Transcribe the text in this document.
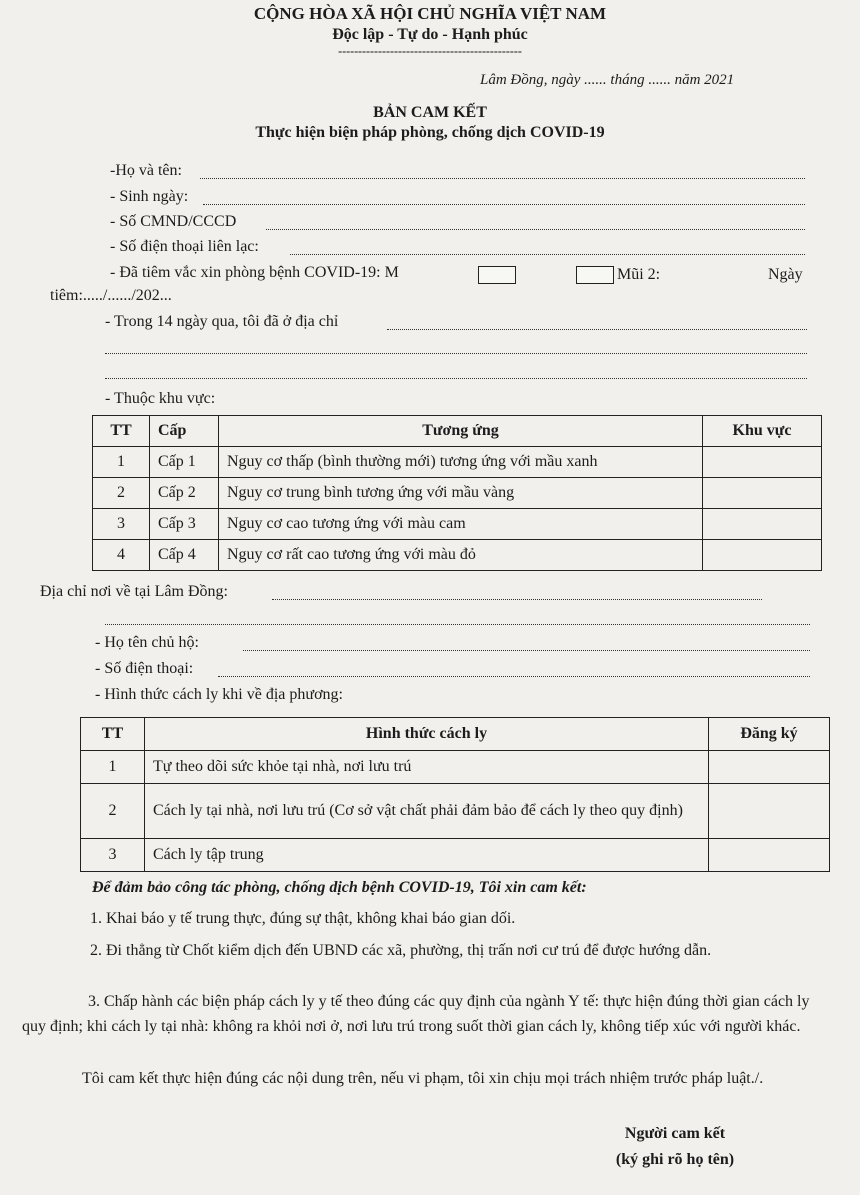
CỘNG HÒA XÃ HỘI CHỦ NGHĨA VIỆT NAM
Độc lập - Tự do - Hạnh phúc
----------------------------------------------
Lâm Đồng, ngày ...... tháng ...... năm 2021
BẢN CAM KẾT
Thực hiện biện pháp phòng, chống dịch COVID-19
-Họ và tên:
- Sinh ngày:
- Số CMND/CCCD
- Số điện thoại liên lạc:
- Đã tiêm vắc xin phòng bệnh COVID-19: M	Mũi 2:	Ngày
tiêm:...../....../202...
- Trong 14 ngày qua, tôi đã ở địa chỉ
- Thuộc khu vực:
TT	Cấp	Tương ứng	Khu vực
1	Cấp 1	Nguy cơ thấp (bình thường mới) tương ứng với mầu xanh	
2	Cấp 2	Nguy cơ trung bình tương ứng với mầu vàng	
3	Cấp 3	Nguy cơ cao tương ứng với màu cam	
4	Cấp 4	Nguy cơ rất cao tương ứng với màu đỏ	
Địa chỉ nơi về tại Lâm Đồng:
- Họ tên chủ hộ:
- Số điện thoại:
- Hình thức cách ly khi về địa phương:
TT	Hình thức cách ly	Đăng ký
1	Tự theo dõi sức khỏe tại nhà, nơi lưu trú	
2	Cách ly tại nhà, nơi lưu trú (Cơ sở vật chất phải đảm bảo để cách ly theo quy định)	
3	Cách ly tập trung	
Để đảm bảo công tác phòng, chống dịch bệnh COVID-19, Tôi xin cam kết:
1. Khai báo y tế trung thực, đúng sự thật, không khai báo gian dối.
2. Đi thẳng từ Chốt kiểm dịch đến UBND các xã, phường, thị trấn nơi cư trú để được hướng dẫn.
3. Chấp hành các biện pháp cách ly y tế theo đúng các quy định của ngành Y tế: thực hiện đúng thời gian cách ly quy định; khi cách ly tại nhà: không ra khỏi nơi ở, nơi lưu trú trong suốt thời gian cách ly, không tiếp xúc với người khác.
Tôi cam kết thực hiện đúng các nội dung trên, nếu vi phạm, tôi xin chịu mọi trách nhiệm trước pháp luật./.
Người cam kết
(ký ghi rõ họ tên)
